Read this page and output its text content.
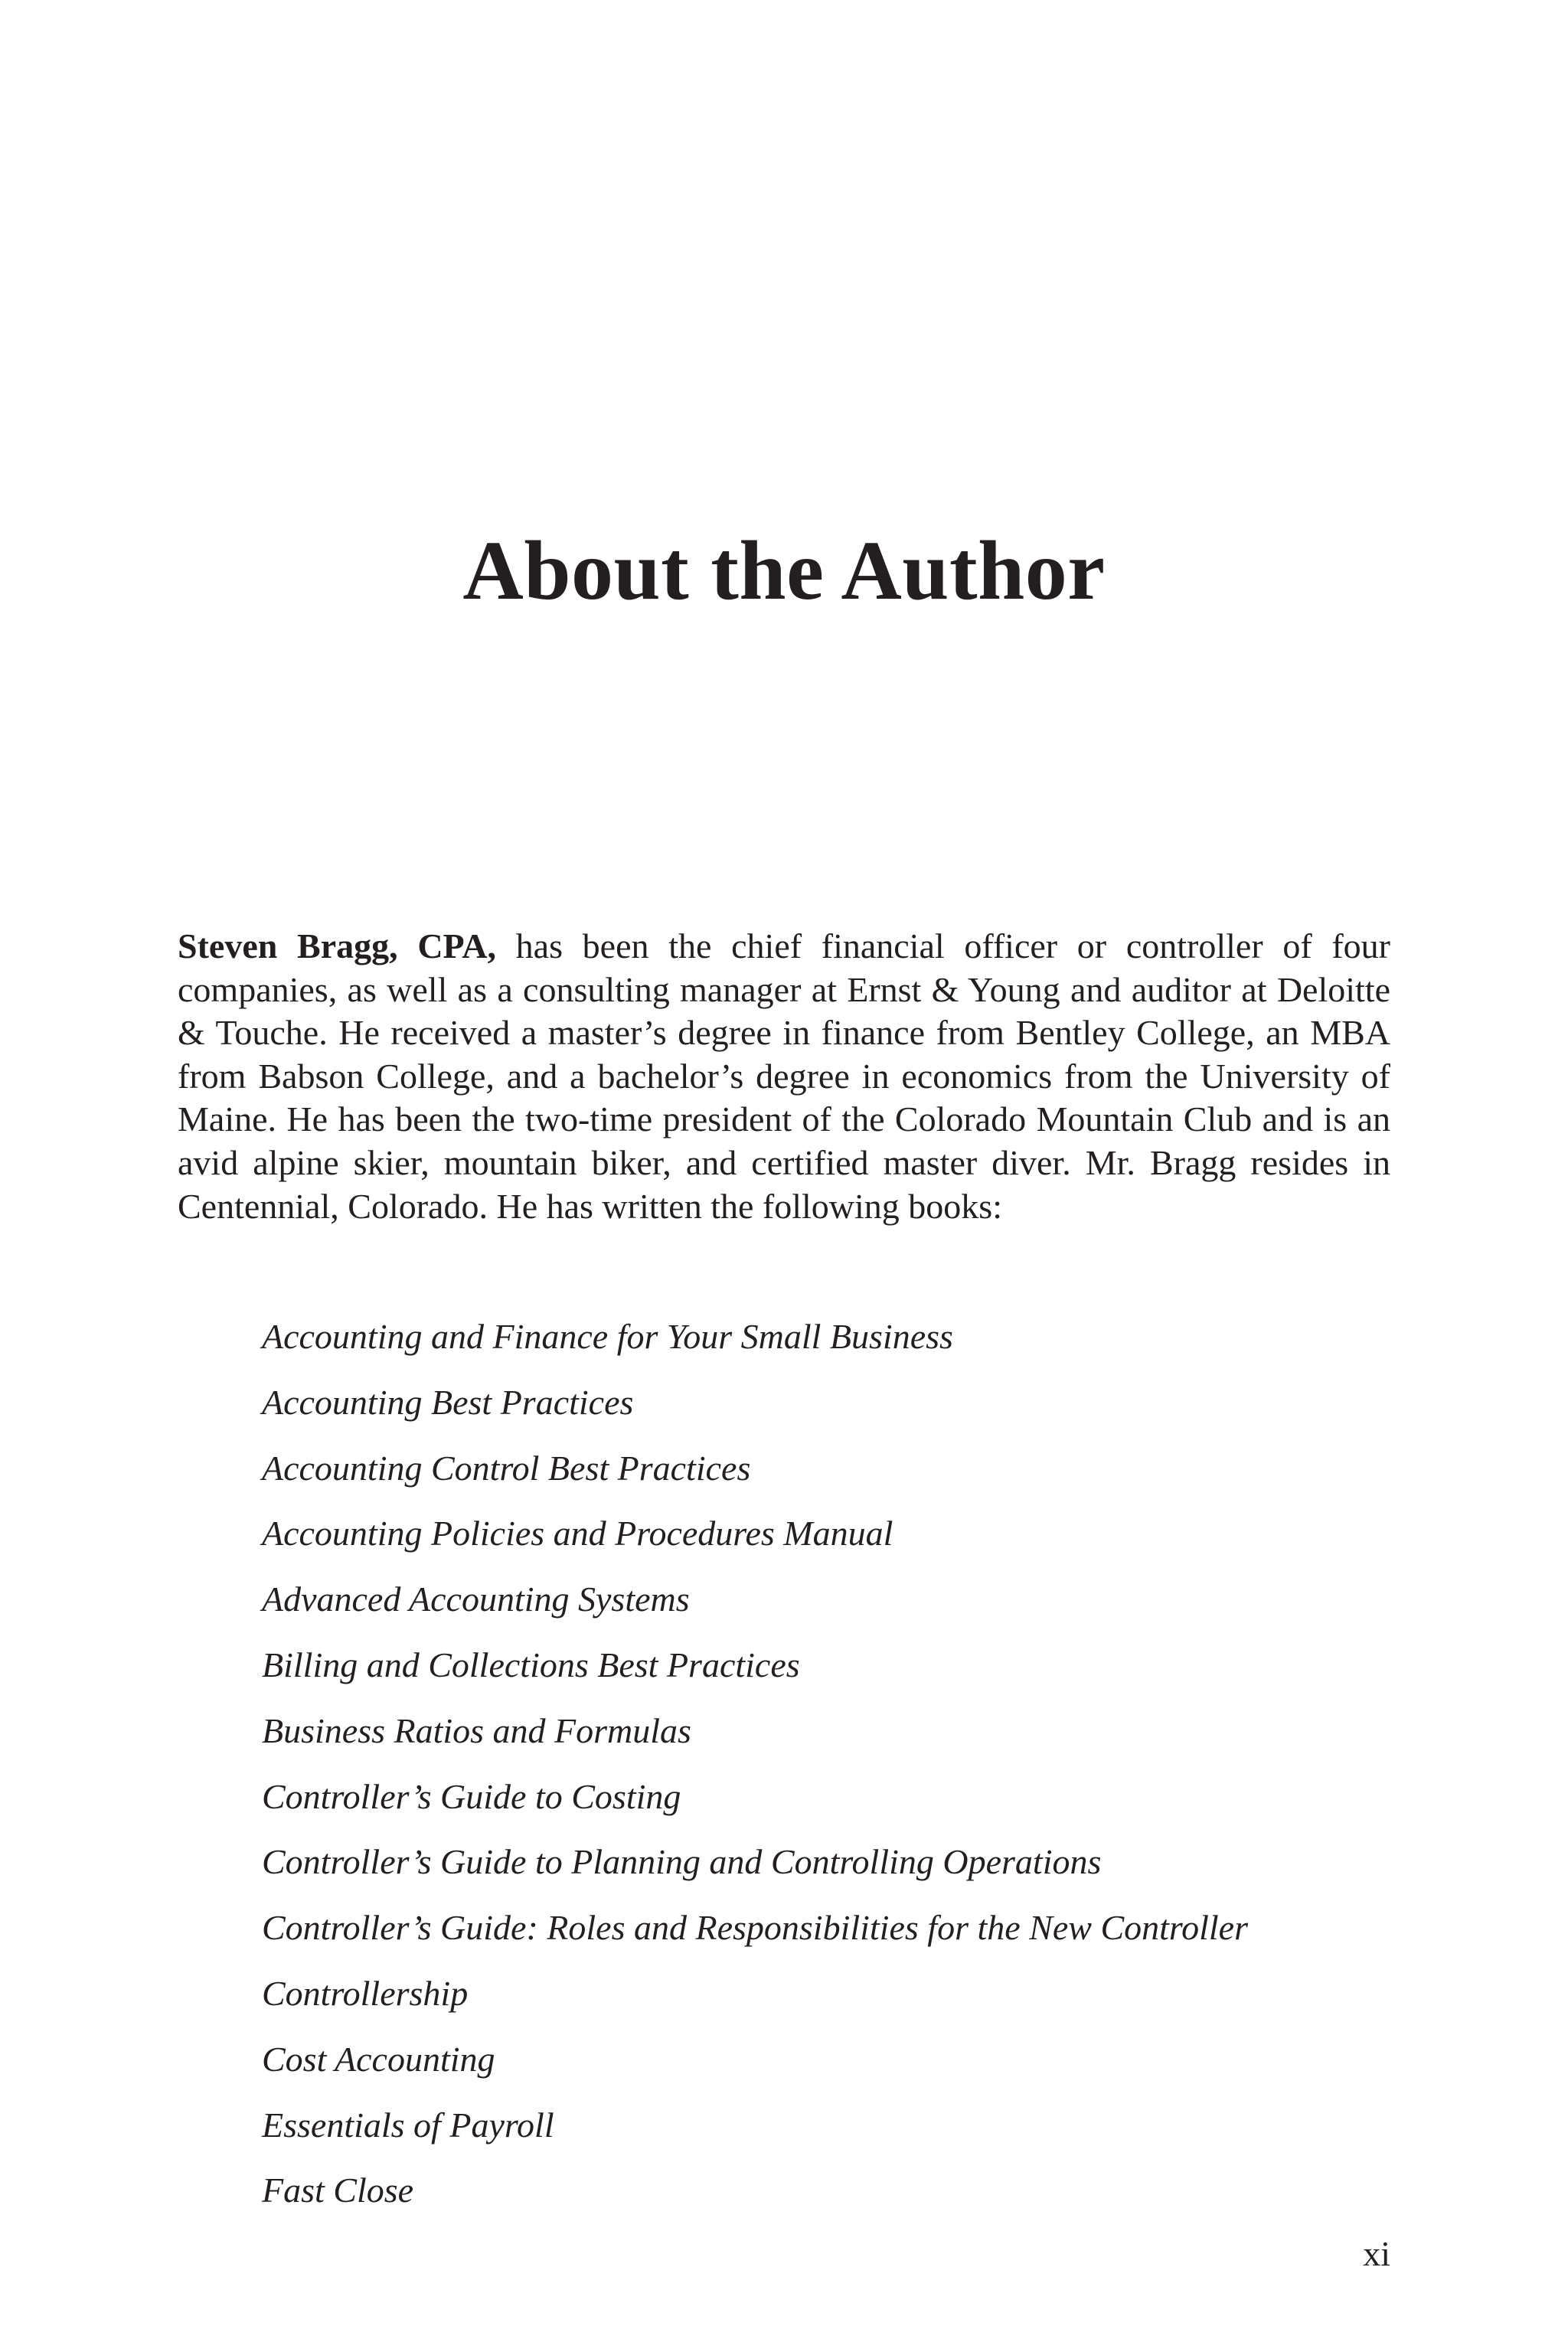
About the Author

Steven Bragg, CPA, has been the chief financial officer or controller of four companies, as well as a consulting manager at Ernst & Young and auditor at Deloitte & Touche. He received a master’s degree in finance from Bentley College, an MBA from Babson College, and a bachelor’s degree in economics from the University of Maine. He has been the two-time president of the Colorado Mountain Club and is an avid alpine skier, mountain biker, and certified master diver. Mr. Bragg resides in Centennial, Colorado. He has written the following books:

Accounting and Finance for Your Small Business
Accounting Best Practices
Accounting Control Best Practices
Accounting Policies and Procedures Manual
Advanced Accounting Systems
Billing and Collections Best Practices
Business Ratios and Formulas
Controller’s Guide to Costing
Controller’s Guide to Planning and Controlling Operations
Controller’s Guide: Roles and Responsibilities for the New Controller
Controllership
Cost Accounting
Essentials of Payroll
Fast Close
xi
